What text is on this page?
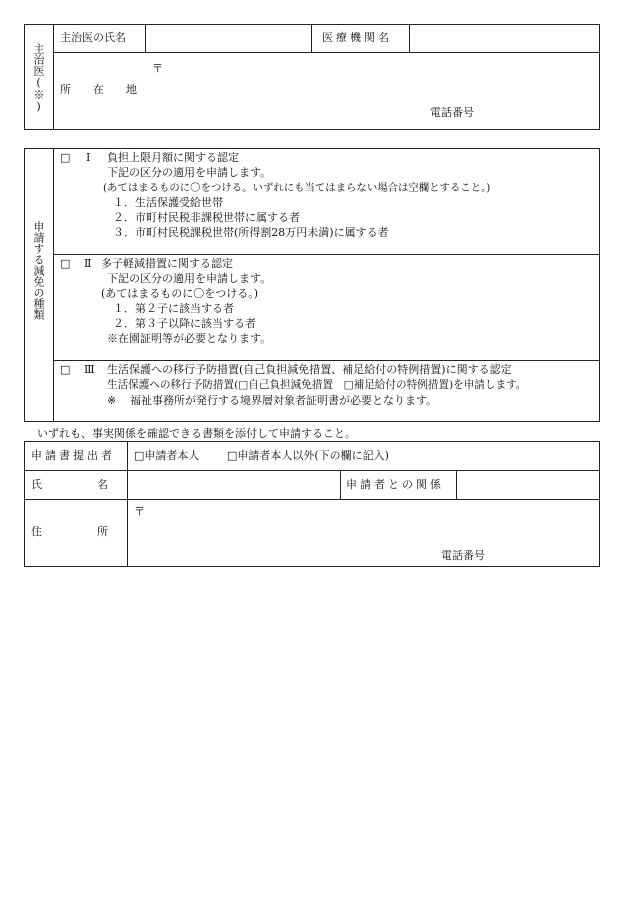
主治医(※)
主治医の氏名	医療機関名
所　　在　　地
〒
電話番号
申請する減免の種類
□ Ⅰ 負担上限月額に関する認定
下記の区分の適用を申請します。
(あてはまるものに〇をつける。いずれにも当てはまらない場合は空欄とすること。)
１．生活保護受給世帯
２．市町村民税非課税世帯に属する者
３．市町村民税課税世帯(所得割28万円未満)に属する者
□ Ⅱ 多子軽減措置に関する認定
下記の区分の適用を申請します。
(あてはまるものに〇をつける。)
１．第２子に該当する者
２．第３子以降に該当する者
※在園証明等が必要となります。
□ Ⅲ 生活保護への移行予防措置(自己負担減免措置、補足給付の特例措置)に関する認定
生活保護への移行予防措置(□自己負担減免措置　□補足給付の特例措置)を申請します。
※ 福祉事務所が発行する境界層対象者証明書が必要となります。
いずれも、事実関係を確認できる書類を添付して申請すること。
申請書提出者 □申請者本人	□申請者本人以外(下の欄に記入)
氏　　　　　名	申請者との関係
住　　　　　所
〒
電話番号
